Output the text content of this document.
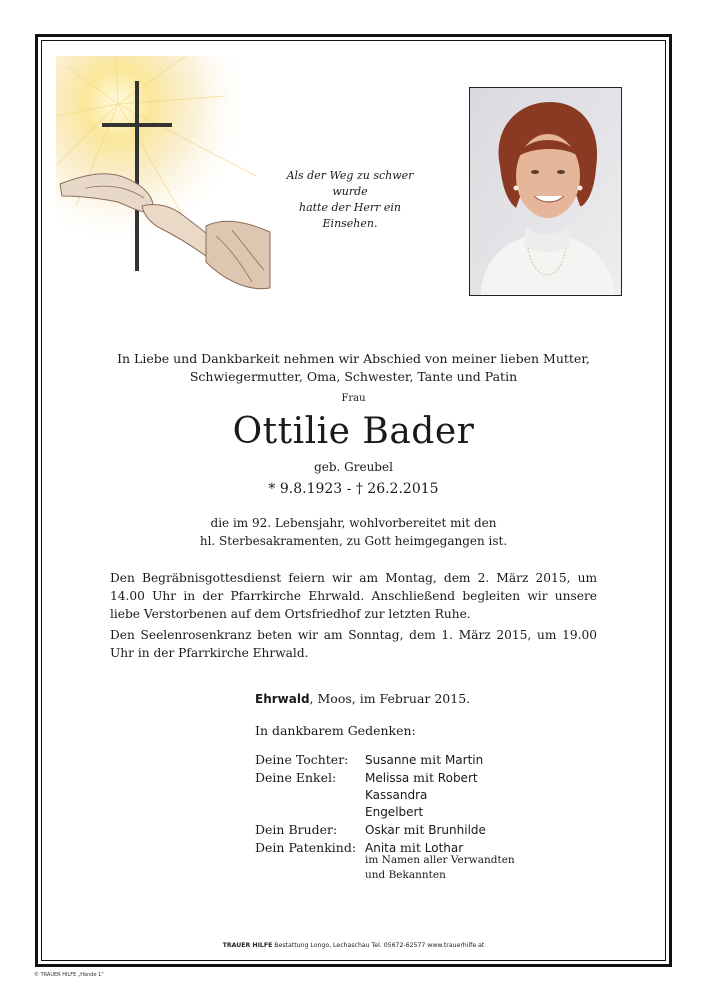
Als der Weg zu schwer wurde
hatte der Herr ein Einsehen.
In Liebe und Dankbarkeit nehmen wir Abschied von meiner lieben Mutter,
Schwiegermutter, Oma, Schwester, Tante und Patin
Frau
Ottilie Bader
geb. Greubel
* 9.8.1923 - † 26.2.2015
die im 92. Lebensjahr, wohlvorbereitet mit den
hl. Sterbesakramenten, zu Gott heimgegangen ist.
Den Begräbnisgottesdienst feiern wir am Montag, dem 2. März 2015, um 14.00 Uhr in der Pfarrkirche Ehrwald. Anschließend begleiten wir unsere liebe Verstorbenen auf dem Ortsfriedhof zur letzten Ruhe.
Den Seelenrosenkranz beten wir am Sonntag, dem 1. März 2015, um 19.00 Uhr in der Pfarrkirche Ehrwald.
Ehrwald, Moos, im Februar 2015.
In dankbarem Gedenken:
Deine Tochter:	Susanne mit Martin
Deine Enkel:	Melissa mit Robert
Kassandra
Engelbert
Dein Bruder:	Oskar mit Brunhilde
Dein Patenkind: Anita mit Lothar
im Namen aller Verwandten
und Bekannten
TRAUER HILFE Bestattung Longo, Lechaschau Tel. 05672-62577 www.trauerhilfe.at
© TRAUER HILFE „Hände 1“
